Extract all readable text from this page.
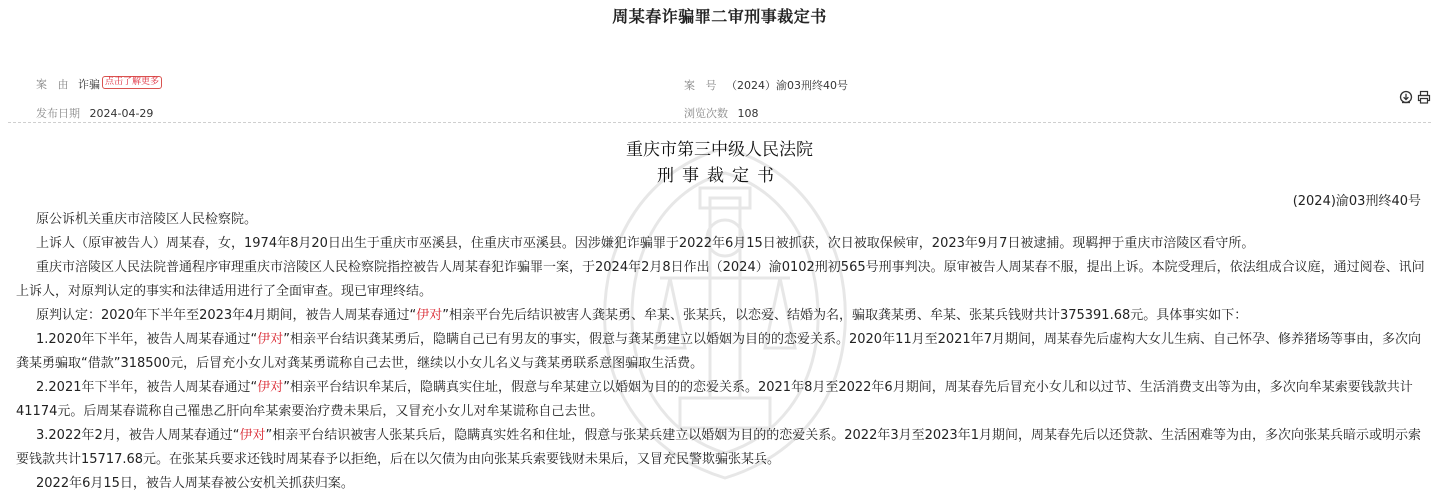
周某春诈骗罪二审刑事裁定书
案   由 诈骗 点击了解更多
发布日期 2024-04-29
案   号 （2024）渝03刑终40号
浏览次数 108
重庆市第三中级人民法院
刑事裁定书
(2024)渝03刑终40号

原公诉机关重庆市涪陵区人民检察院。

上诉人（原审被告人）周某春，女，1974年8月20日出生于重庆市巫溪县，住重庆市巫溪县。因涉嫌犯诈骗罪于2022年6月15日被抓获，次日被取保候审，2023年9月7日被逮捕。现羁押于重庆市涪陵区看守所。

重庆市涪陵区人民法院普通程序审理重庆市涪陵区人民检察院指控被告人周某春犯诈骗罪一案，于2024年2月8日作出（2024）渝0102刑初565号刑事判决。原审被告人周某春不服，提出上诉。本院受理后，依法组成合议庭，通过阅卷、讯问上诉人，对原判认定的事实和法律适用进行了全面审查。现已审理终结。

原判认定：2020年下半年至2023年4月期间，被告人周某春通过“伊对”相亲平台先后结识被害人龚某勇、牟某、张某兵，以恋爱、结婚为名，骗取龚某勇、牟某、张某兵钱财共计375391.68元。具体事实如下：

1.2020年下半年，被告人周某春通过“伊对”相亲平台结识龚某勇后，隐瞒自己已有男友的事实，假意与龚某勇建立以婚姻为目的的恋爱关系。2020年11月至2021年7月期间，周某春先后虚构大女儿生病、自己怀孕、修养猪场等事由，多次向龚某勇骗取“借款”318500元，后冒充小女儿对龚某勇谎称自己去世，继续以小女儿名义与龚某勇联系意图骗取生活费。

2.2021年下半年，被告人周某春通过“伊对”相亲平台结识牟某后，隐瞒真实住址，假意与牟某建立以婚姻为目的的恋爱关系。2021年8月至2022年6月期间，周某春先后冒充小女儿和以过节、生活消费支出等为由，多次向牟某索要钱款共计41174元。后周某春谎称自己罹患乙肝向牟某索要治疗费未果后，又冒充小女儿对牟某谎称自己去世。

3.2022年2月，被告人周某春通过“伊对”相亲平台结识被害人张某兵后，隐瞒真实姓名和住址，假意与张某兵建立以婚姻为目的的恋爱关系。2022年3月至2023年1月期间，周某春先后以还贷款、生活困难等为由，多次向张某兵暗示或明示索要钱款共计15717.68元。在张某兵要求还钱时周某春予以拒绝，后在以欠债为由向张某兵索要钱财未果后，又冒充民警欺骗张某兵。

2022年6月15日，被告人周某春被公安机关抓获归案。
